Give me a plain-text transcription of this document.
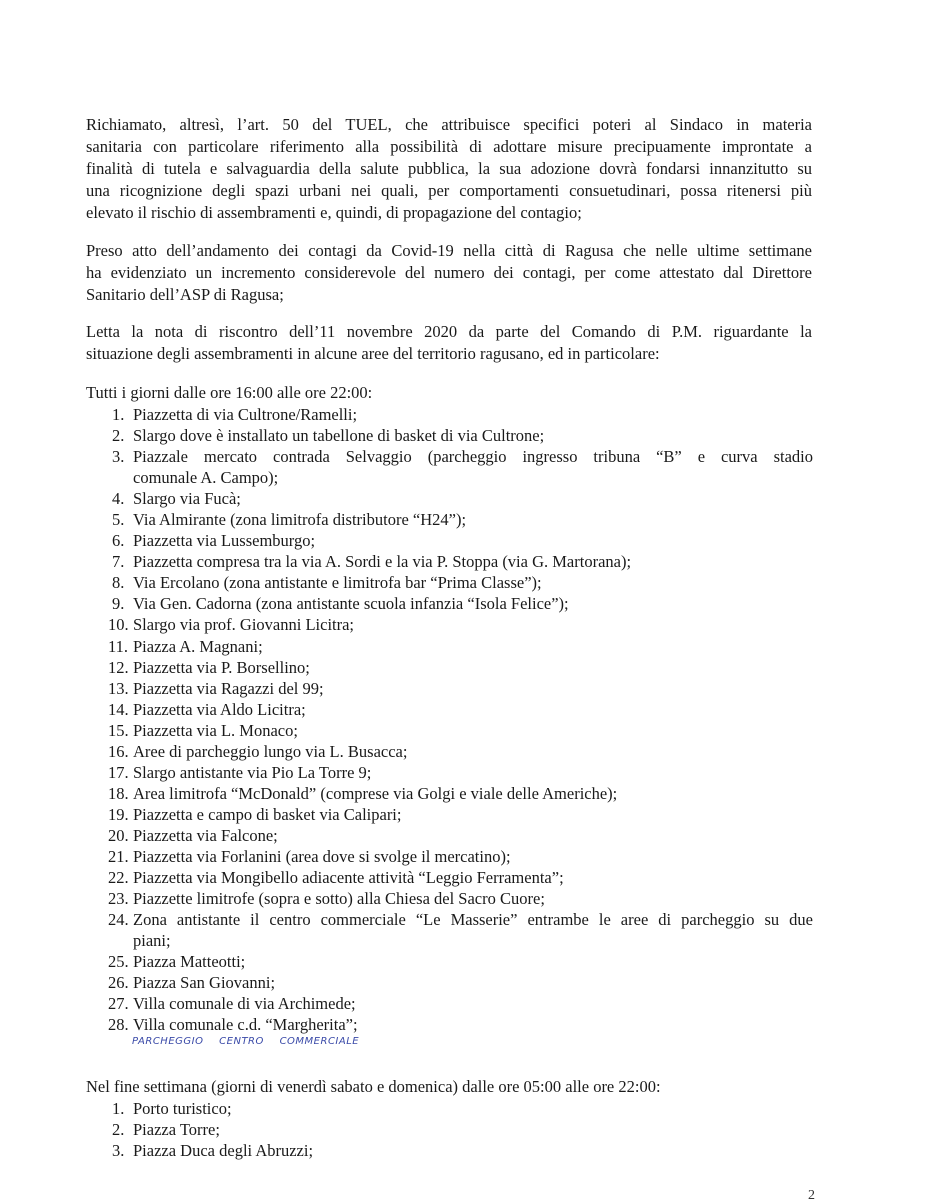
Richiamato, altresì, l’art. 50 del TUEL, che attribuisce specifici poteri al Sindaco in materia
sanitaria con particolare riferimento alla possibilità di adottare misure precipuamente improntate a
finalità di tutela e salvaguardia della salute pubblica, la sua adozione dovrà fondarsi innanzitutto su
una ricognizione degli spazi urbani nei quali, per comportamenti consuetudinari, possa ritenersi più
elevato il rischio di assembramenti e, quindi, di propagazione del contagio;
Preso atto dell’andamento dei contagi da Covid-19 nella città di Ragusa che nelle ultime settimane
ha evidenziato un incremento considerevole del numero dei contagi, per come attestato dal Direttore
Sanitario dell’ASP di Ragusa;
Letta la nota di riscontro dell’11 novembre 2020 da parte del Comando di P.M. riguardante la
situazione degli assembramenti in alcune aree del territorio ragusano, ed in particolare:
Tutti i giorni dalle ore 16:00 alle ore 22:00:
1. Piazzetta di via Cultrone/Ramelli;
2. Slargo dove è installato un tabellone di basket di via Cultrone;
3. Piazzale mercato contrada Selvaggio (parcheggio ingresso tribuna “B” e curva stadio
comunale A. Campo);
4. Slargo via Fucà;
5. Via Almirante (zona limitrofa distributore “H24”);
6. Piazzetta via Lussemburgo;
7. Piazzetta compresa tra la via A. Sordi e la via P. Stoppa (via G. Martorana);
8. Via Ercolano (zona antistante e limitrofa bar “Prima Classe”);
9. Via Gen. Cadorna (zona antistante scuola infanzia “Isola Felice”);
10. Slargo via prof. Giovanni Licitra;
11. Piazza A. Magnani;
12. Piazzetta via P. Borsellino;
13. Piazzetta via Ragazzi del 99;
14. Piazzetta via Aldo Licitra;
15. Piazzetta via L. Monaco;
16. Aree di parcheggio lungo via L. Busacca;
17. Slargo antistante via Pio La Torre 9;
18. Area limitrofa “McDonald” (comprese via Golgi e viale delle Americhe);
19. Piazzetta e campo di basket via Calipari;
20. Piazzetta via Falcone;
21. Piazzetta via Forlanini (area dove si svolge il mercatino);
22. Piazzetta via Mongibello adiacente attività “Leggio Ferramenta”;
23. Piazzette limitrofe (sopra e sotto) alla Chiesa del Sacro Cuore;
24. Zona antistante il centro commerciale “Le Masserie” entrambe le aree di parcheggio su due
piani;
25. Piazza Matteotti;
26. Piazza San Giovanni;
27. Villa comunale di via Archimede;
28. Villa comunale c.d. “Margherita”;
PARCHEGGIO CENTRO COMMERCIALE
Nel fine settimana (giorni di venerdì sabato e domenica) dalle ore 05:00 alle ore 22:00:
1. Porto turistico;
2. Piazza Torre;
3. Piazza Duca degli Abruzzi;
2
